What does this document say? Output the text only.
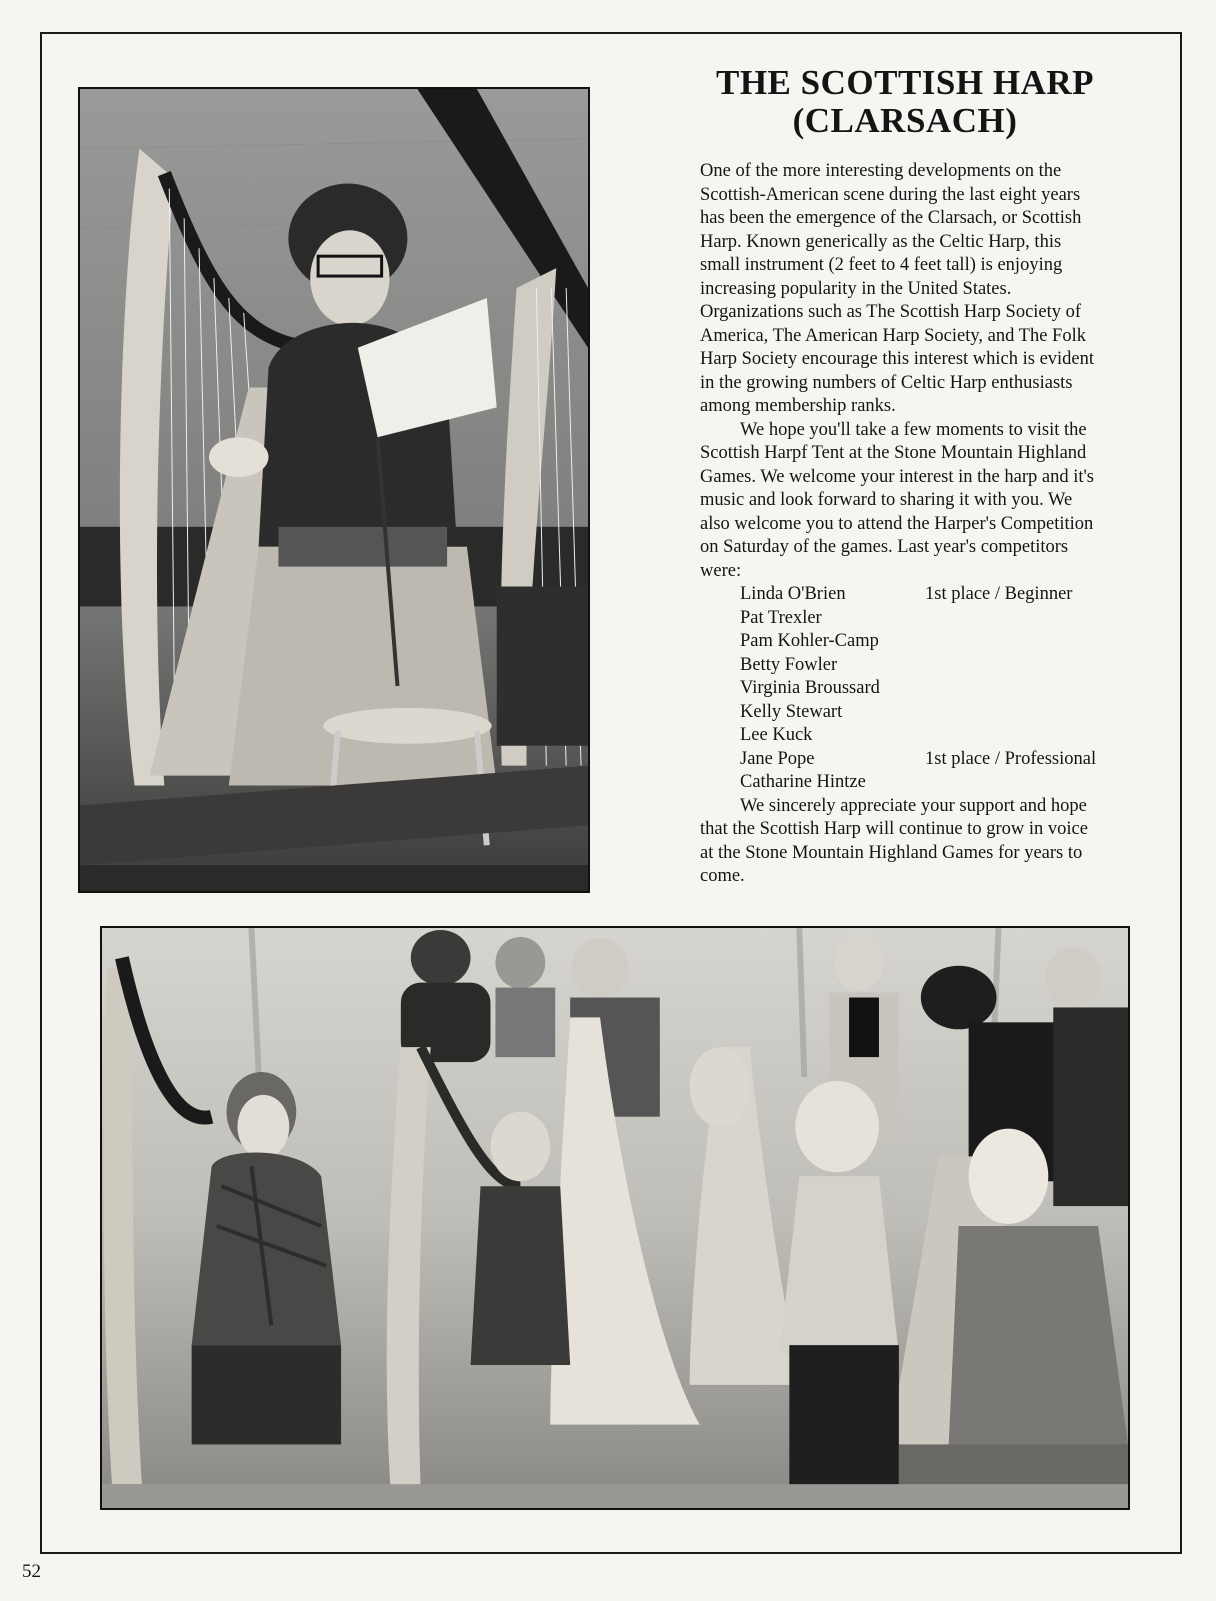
THE SCOTTISH HARP
(CLARSACH)

One of the more interesting developments on the Scottish-American scene during the last eight years has been the emergence of the Clarsach, or Scottish Harp. Known generically as the Celtic Harp, this small instrument (2 feet to 4 feet tall) is enjoying increasing popularity in the United States. Organizations such as The Scottish Harp Society of America, The American Harp Society, and The Folk Harp Society encourage this interest which is evident in the growing numbers of Celtic Harp enthusiasts among membership ranks.

We hope you'll take a few moments to visit the Scottish Harpf Tent at the Stone Mountain Highland Games. We welcome your interest in the harp and it's music and look forward to sharing it with you. We also welcome you to attend the Harper's Competition on Saturday of the games. Last year's competitors were:

Linda O'Brien	1st place / Beginner
Pat Trexler
Pam Kohler-Camp
Betty Fowler
Virginia Broussard
Kelly Stewart
Lee Kuck
Jane Pope	1st place / Professional
Catharine Hintze

We sincerely appreciate your support and hope that the Scottish Harp will continue to grow in voice at the Stone Mountain Highland Games for years to come.

52
